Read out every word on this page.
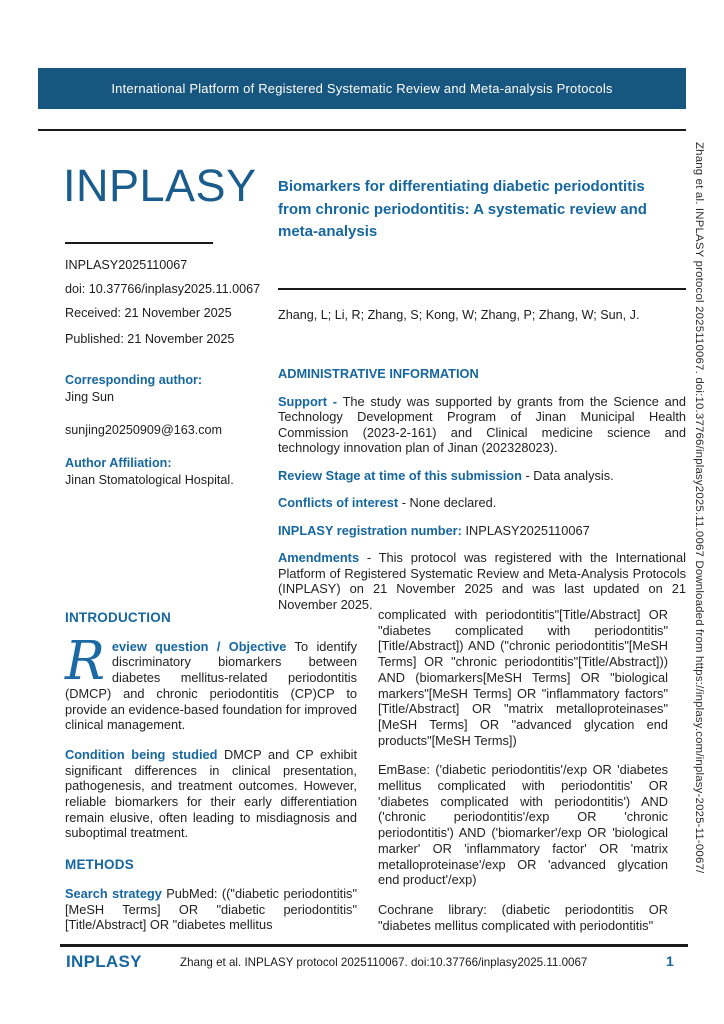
International Platform of Registered Systematic Review and Meta-analysis Protocols
INPLASY
INPLASY2025110067
doi: 10.37766/inplasy2025.11.0067
Received: 21 November 2025
Published: 21 November 2025
Biomarkers for differentiating diabetic periodontitis from chronic periodontitis: A systematic review and meta-analysis
Zhang, L; Li, R; Zhang, S; Kong, W; Zhang, P; Zhang, W; Sun, J.
Corresponding author:
Jing Sun
sunjing20250909@163.com
Author Affiliation:
Jinan Stomatological Hospital.
ADMINISTRATIVE INFORMATION

Support - The study was supported by grants from the Science and Technology Development Program of Jinan Municipal Health Commission (2023-2-161) and Clinical medicine science and technology innovation plan of Jinan (202328023).

Review Stage at time of this submission - Data analysis.

Conflicts of interest - None declared.

INPLASY registration number: INPLASY2025110067

Amendments - This protocol was registered with the International Platform of Registered Systematic Review and Meta-Analysis Protocols (INPLASY) on 21 November 2025 and was last updated on 21 November 2025.

INTRODUCTION

Review question / Objective To identify discriminatory biomarkers between diabetes mellitus-related periodontitis (DMCP) and chronic periodontitis (CP)CP to provide an evidence-based foundation for improved clinical management.

Condition being studied DMCP and CP exhibit significant differences in clinical presentation, pathogenesis, and treatment outcomes. However, reliable biomarkers for their early differentiation remain elusive, often leading to misdiagnosis and suboptimal treatment.

METHODS

Search strategy PubMed: (("diabetic periodontitis"[MeSH Terms] OR "diabetic periodontitis"[Title/Abstract] OR "diabetes mellitus

complicated with periodontitis"[Title/Abstract] OR "diabetes complicated with periodontitis"[Title/Abstract]) AND ("chronic periodontitis"[MeSH Terms] OR "chronic periodontitis"[Title/Abstract])) AND (biomarkers[MeSH Terms] OR "biological markers"[MeSH Terms] OR "inflammatory factors"[Title/Abstract] OR "matrix metalloproteinases"[MeSH Terms] OR "advanced glycation end products"[MeSH Terms])

EmBase: ('diabetic periodontitis'/exp OR 'diabetes mellitus complicated with periodontitis' OR 'diabetes complicated with periodontitis') AND ('chronic periodontitis'/exp OR 'chronic periodontitis') AND ('biomarker'/exp OR 'biological marker' OR 'inflammatory factor' OR 'matrix metalloproteinase'/exp OR 'advanced glycation end product'/exp)

Cochrane library: (diabetic periodontitis OR "diabetes mellitus complicated with periodontitis"

INPLASY	Zhang et al. INPLASY protocol 2025110067. doi:10.37766/inplasy2025.11.0067	1
Zhang et al. INPLASY protocol 2025110067. doi:10.37766/inplasy2025.11.0067 Downloaded from https://inplasy.com/inplasy-2025-11-0067/
